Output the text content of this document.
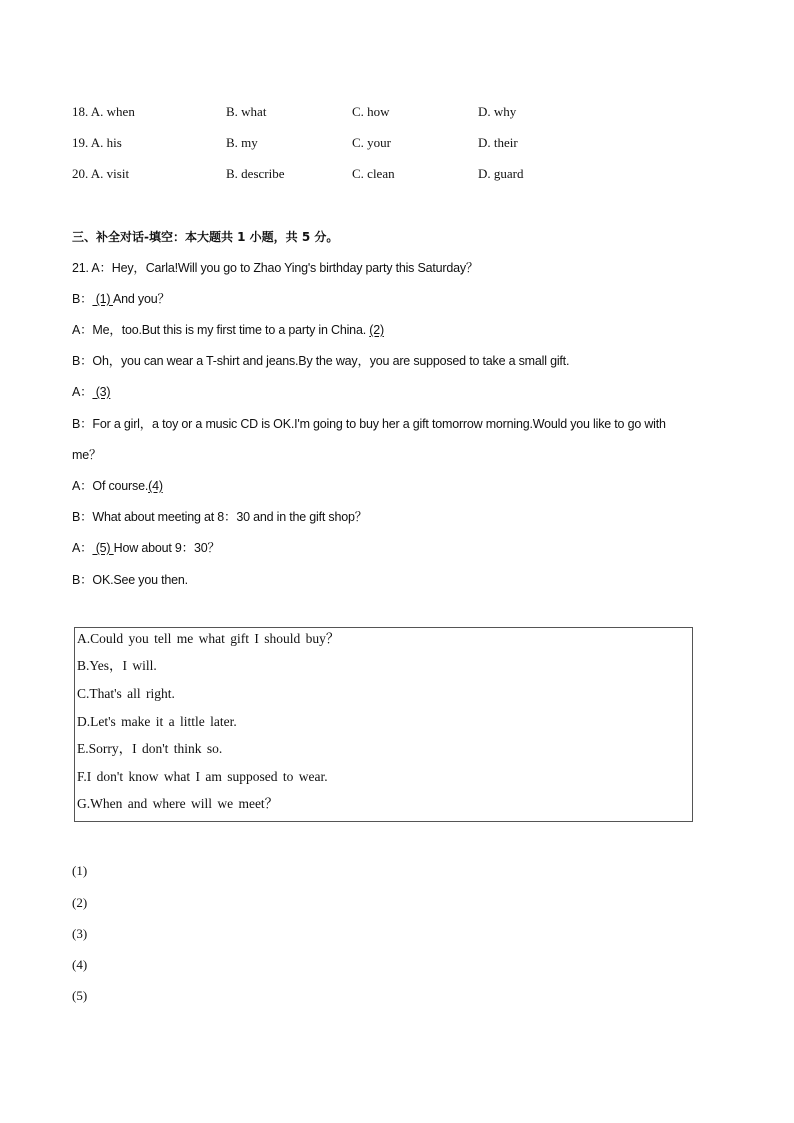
18. A. when	B. what	C. how	D. why
19. A. his	B. my	C. your	D. their
20. A. visit	B. describe	C. clean	D. guard
三、补全对话-填空：本大题共 1 小题，共 5 分。
21. A：Hey，Carla!Will you go to Zhao Ying's birthday party this Saturday？
B： (1) And you？
A：Me，too.But this is my first time to a party in China. (2)
B：Oh，you can wear a T-shirt and jeans.By the way，you are supposed to take a small gift.
A： (3)
B：For a girl，a toy or a music CD is OK.I'm going to buy her a gift tomorrow morning.Would you like to go with
me？
A：Of course.(4)
B：What about meeting at 8：30 and in the gift shop？
A： (5) How about 9：30？
B：OK.See you then.
A.Could you tell me what gift I should buy？
B.Yes，I will.
C.That's all right.
D.Let's make it a little later.
E.Sorry，I don't think so.
F.I don't know what I am supposed to wear.
G.When and where will we meet？
(1)
(2)
(3)
(4)
(5)
